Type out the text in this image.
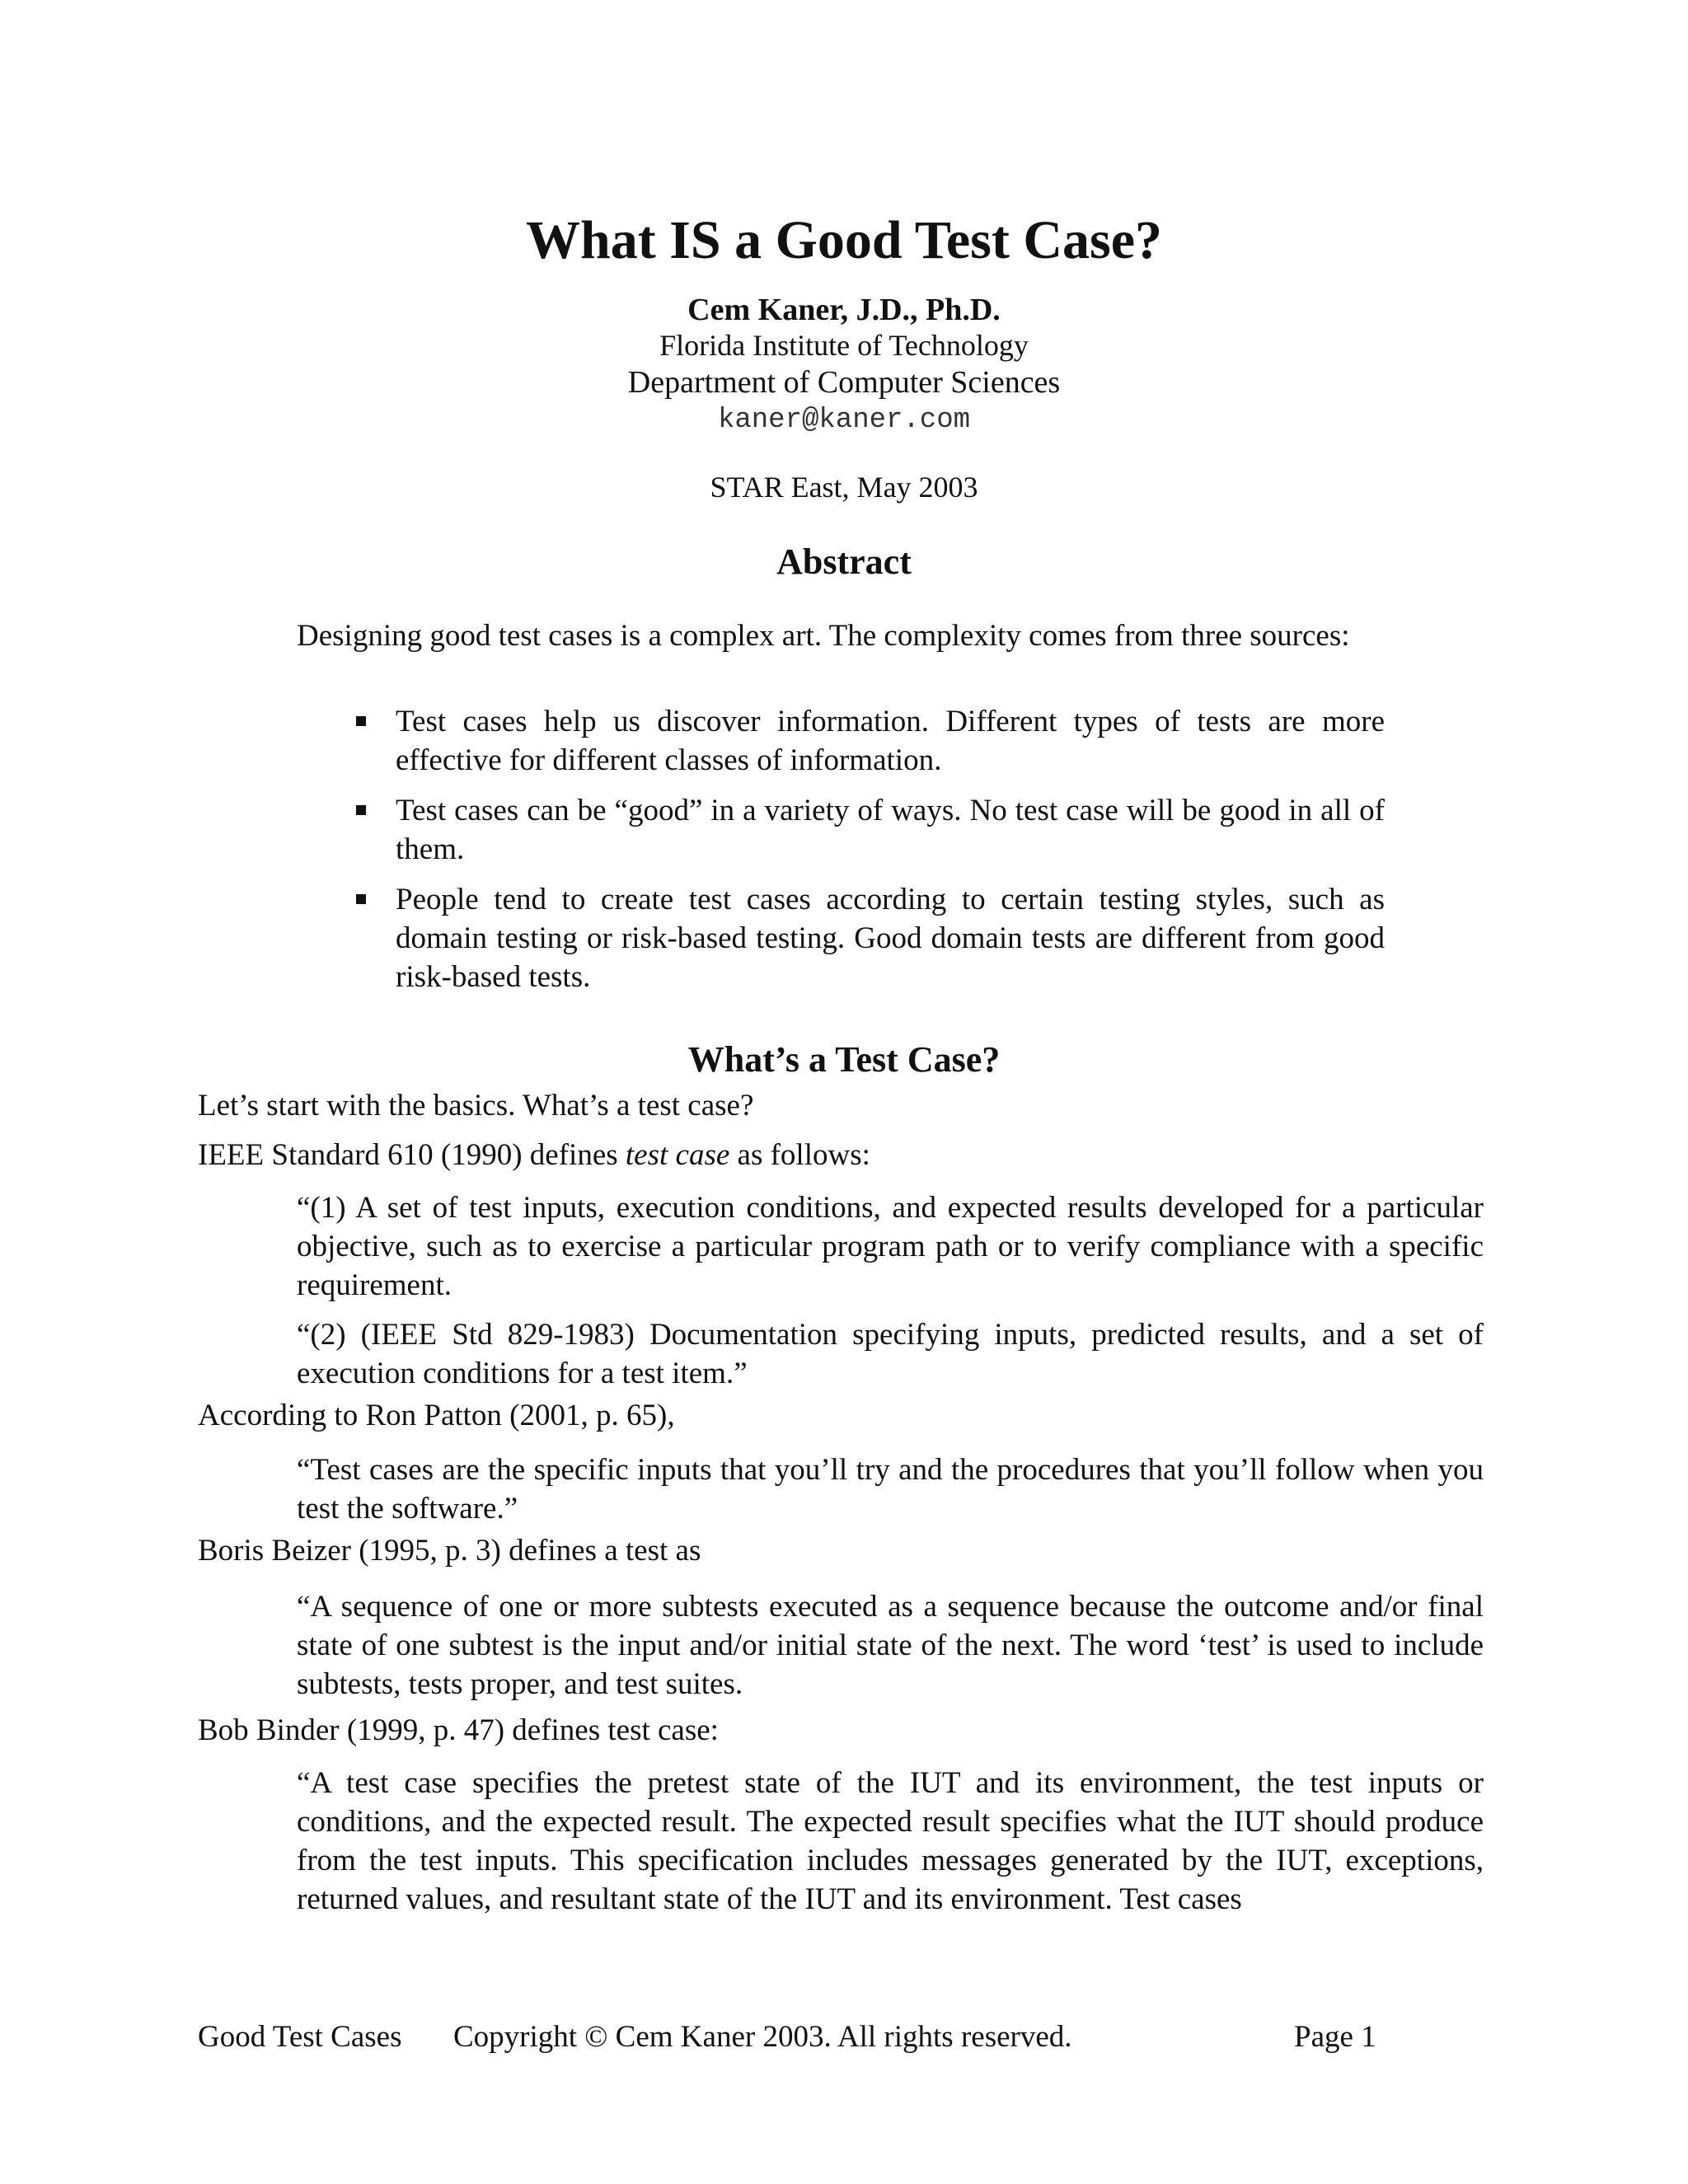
What IS a Good Test Case?
Cem Kaner, J.D., Ph.D.
Florida Institute of Technology
Department of Computer Sciences
kaner@kaner.com
STAR East, May 2003
Abstract
Designing good test cases is a complex art. The complexity comes from three sources:
Test cases help us discover information. Different types of tests are more effective for different classes of information.
Test cases can be “good” in a variety of ways. No test case will be good in all of them.
People tend to create test cases according to certain testing styles, such as domain testing or risk-based testing. Good domain tests are different from good risk-based tests.
What’s a Test Case?
Let’s start with the basics. What’s a test case?
IEEE Standard 610 (1990) defines test case as follows:
“(1) A set of test inputs, execution conditions, and expected results developed for a particular objective, such as to exercise a particular program path or to verify compliance with a specific requirement.
“(2) (IEEE Std 829-1983) Documentation specifying inputs, predicted results, and a set of execution conditions for a test item.”
According to Ron Patton (2001, p. 65),
“Test cases are the specific inputs that you’ll try and the procedures that you’ll follow when you test the software.”
Boris Beizer (1995, p. 3) defines a test as
“A sequence of one or more subtests executed as a sequence because the outcome and/or final state of one subtest is the input and/or initial state of the next. The word ‘test’ is used to include subtests, tests proper, and test suites.
Bob Binder (1999, p. 47) defines test case:
“A test case specifies the pretest state of the IUT and its environment, the test inputs or conditions, and the expected result. The expected result specifies what the IUT should produce from the test inputs. This specification includes messages generated by the IUT, exceptions, returned values, and resultant state of the IUT and its environment. Test cases
Good Test Cases Copyright © Cem Kaner 2003. All rights reserved.	Page 1
